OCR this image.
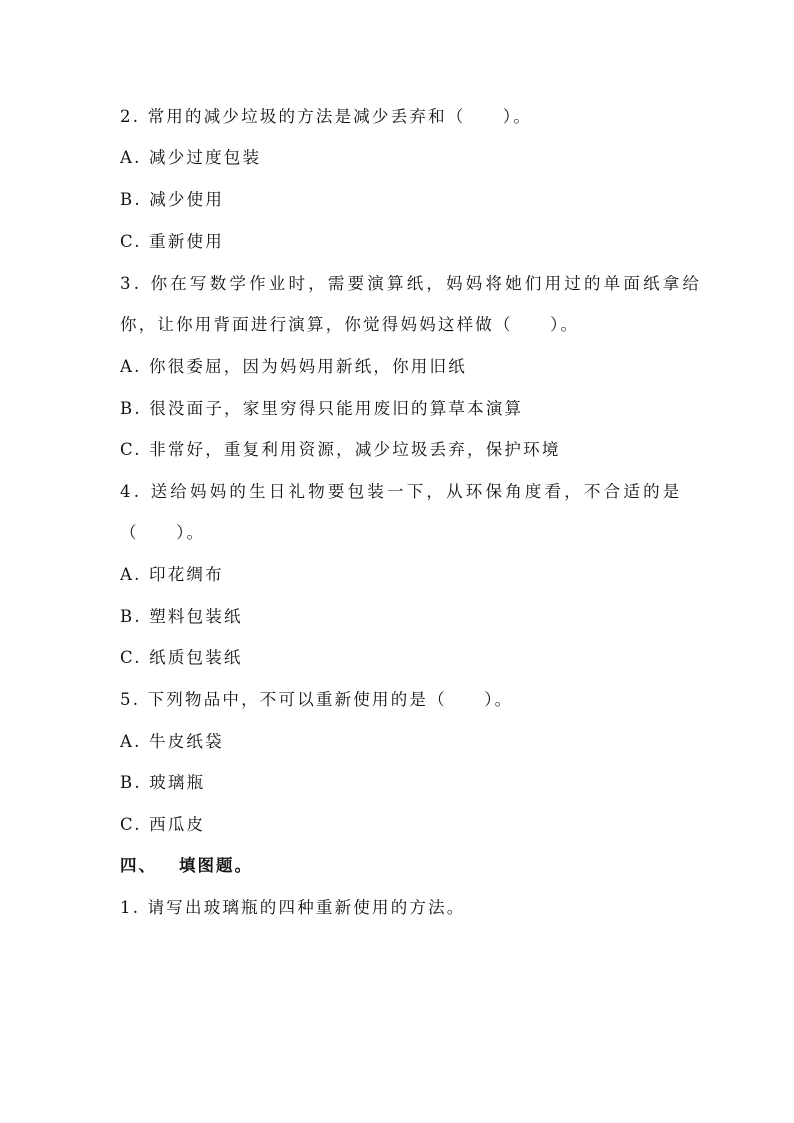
2. 常用的减少垃圾的方法是减少丢弃和（　　）。
A. 减少过度包装
B. 减少使用
C. 重新使用
3. 你在写数学作业时，需要演算纸，妈妈将她们用过的单面纸拿给
你，让你用背面进行演算，你觉得妈妈这样做（　　）。
A. 你很委屈，因为妈妈用新纸，你用旧纸
B. 很没面子，家里穷得只能用废旧的算草本演算
C. 非常好，重复利用资源，减少垃圾丢弃，保护环境
4. 送给妈妈的生日礼物要包装一下，从环保角度看，不合适的是
（　　）。
A. 印花绸布
B. 塑料包装纸
C. 纸质包装纸
5. 下列物品中，不可以重新使用的是（　　）。
A. 牛皮纸袋
B. 玻璃瓶
C. 西瓜皮
四、 填图题。
1. 请写出玻璃瓶的四种重新使用的方法。
